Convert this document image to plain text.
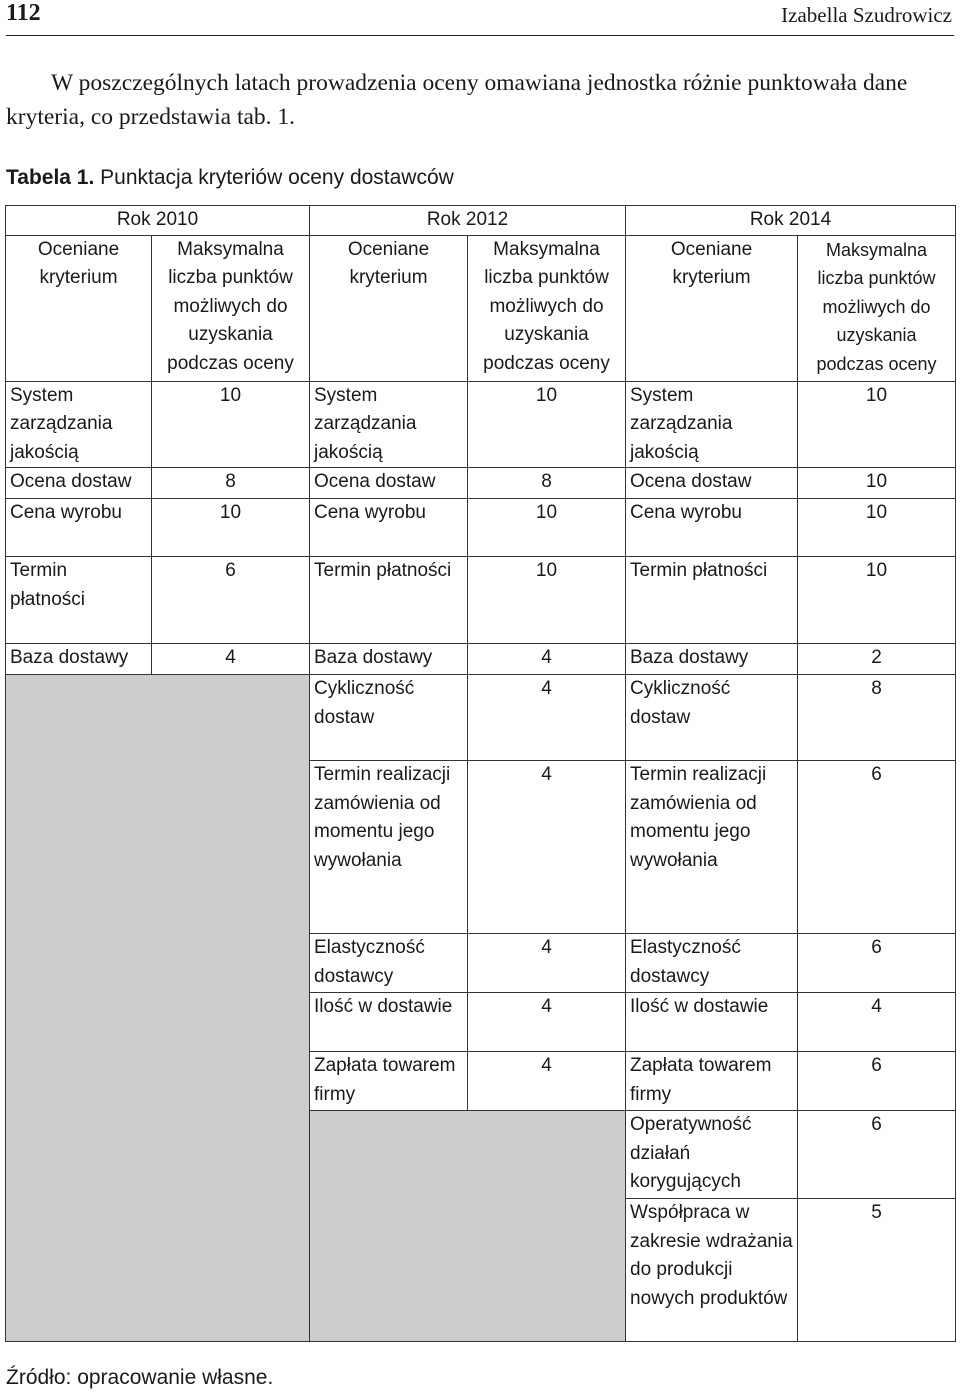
112	Izabella Szudrowicz

W poszczególnych latach prowadzenia oceny omawiana jednostka różnie punktowała dane kryteria, co przedstawia tab. 1.

Tabela 1. Punktacja kryteriów oceny dostawców
Rok 2010		Rok 2012		Rok 2014	
Oceniane kryterium	Maksymalna liczba punktów możliwych do uzyskania podczas oceny	Oceniane kryterium	Maksymalna liczba punktów możliwych do uzyskania podczas oceny	Oceniane kryterium	Maksymalna liczba punktów możliwych do uzyskania podczas oceny
System zarządzania jakością	10	System zarządzania jakością	10	System zarządzania jakością	10
Ocena dostaw	8	Ocena dostaw	8	Ocena dostaw	10
Cena wyrobu	10	Cena wyrobu	10	Cena wyrobu	10
Termin płatności	6	Termin płatności	10	Termin płatności	10
Baza dostawy	4	Baza dostawy	4	Baza dostawy	2
		Cykliczność dostaw	4	Cykliczność dostaw	8
		Termin realizacji zamówienia od momentu jego wywołania	4	Termin realizacji zamówienia od momentu jego wywołania	6
		Elastyczność dostawcy	4	Elastyczność dostawcy	6
		Ilość w dostawie	4	Ilość w dostawie	4
		Zapłata towarem firmy	4	Zapłata towarem firmy	6
				Operatywność działań korygujących	6
				Współpraca w zakresie wdrażania do produkcji nowych produktów	5
Źródło: opracowanie własne.
